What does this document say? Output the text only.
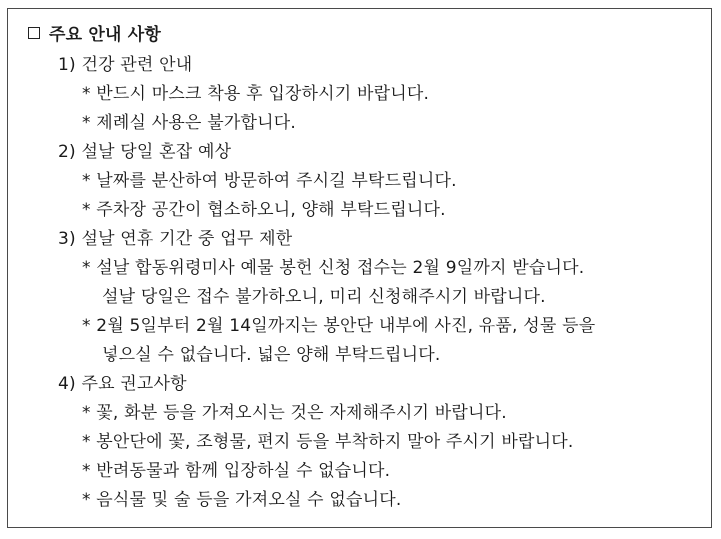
주요 안내 사항
1) 건강 관련 안내
* 반드시 마스크 착용 후 입장하시기 바랍니다.
* 제례실 사용은 불가합니다.
2) 설날 당일 혼잡 예상
* 날짜를 분산하여 방문하여 주시길 부탁드립니다.
* 주차장 공간이 협소하오니, 양해 부탁드립니다.
3) 설날 연휴 기간 중 업무 제한
* 설날 합동위령미사 예물 봉헌 신청 접수는 2월 9일까지 받습니다.
설날 당일은 접수 불가하오니, 미리 신청해주시기 바랍니다.
* 2월 5일부터 2월 14일까지는 봉안단 내부에 사진, 유품, 성물 등을
넣으실 수 없습니다. 넓은 양해 부탁드립니다.
4) 주요 권고사항
* 꽃, 화분 등을 가져오시는 것은 자제해주시기 바랍니다.
* 봉안단에 꽃, 조형물, 편지 등을 부착하지 말아 주시기 바랍니다.
* 반려동물과 함께 입장하실 수 없습니다.
* 음식물 및 술 등을 가져오실 수 없습니다.
